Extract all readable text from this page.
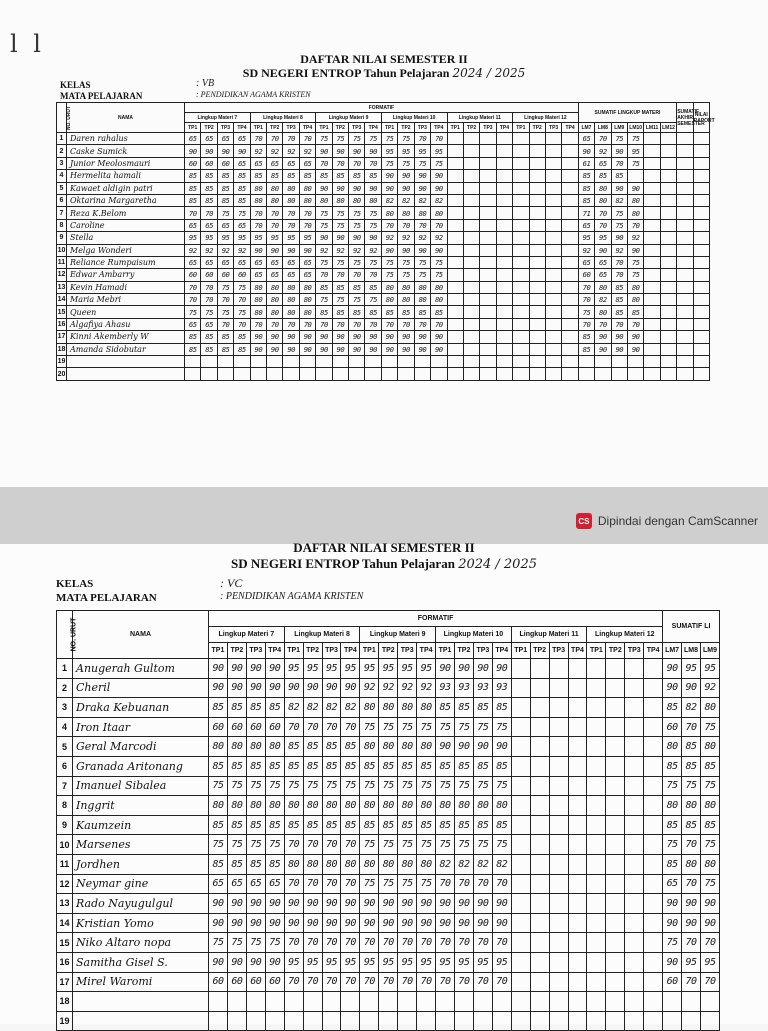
l l
DAFTAR NILAI SEMESTER II
SD NEGERI ENTROP Tahun Pelajaran 2024 / 2025
KELAS	: VB
MATA PELAJARAN	: PENDIDIKAN AGAMA KRISTEN
NO. URUT	NAMA	FORMATIF																								SUMATIF LINGKUP MATERI						SUMATIF AKHIR SEMESTER	NILAI RAPORT
		Lingkup Materi 7				Lingkup Materi 8				Lingkup Materi 9				Lingkup Materi 10				Lingkup Materi 11				Lingkup Materi 12											
		TP1	TP2	TP3	TP4	TP1	TP2	TP3	TP4	TP1	TP2	TP3	TP4	TP1	TP2	TP3	TP4	TP1	TP2	TP3	TP4	TP1	TP2	TP3	TP4	LM7	LM8	LM9	LM10	LM11	LM12		
1	Daren rahalus	65	65	65	65	70	70	70	70	75	75	75	75	75	75	70	70									65	70	75	75				
2	Caske Sumick	90	90	90	90	92	92	92	92	90	90	90	90	95	95	95	95									90	92	90	95				
3	Junior Meolosmauri	60	60	60	65	65	65	65	65	70	70	70	70	75	75	75	75									61	65	70	75				
4	Hermelita hamali	85	85	85	85	85	85	85	85	85	85	85	85	90	90	90	90									85	85	85					
5	Kawaet aldigin patri	85	85	85	85	80	80	80	80	90	90	90	90	90	90	90	90									85	80	90	90				
6	Oktarina Margaretha	85	85	85	85	80	80	80	80	80	80	80	80	82	82	82	82									85	80	82	80				
7	Reza K.Belom	70	70	75	75	70	70	70	70	75	75	75	75	80	80	80	80									71	70	75	80				
8	Caroline	65	65	65	65	70	70	70	70	75	75	75	75	70	70	70	70									65	70	75	70				
9	Stella	95	95	95	95	95	95	95	95	90	90	90	90	92	92	92	92									95	95	90	92				
10	Melga Wonderi	92	92	92	92	90	90	90	90	92	92	92	92	90	90	90	90									92	90	92	90				
11	Reliance Rumpaisum	65	65	65	65	65	65	65	65	75	75	75	75	75	75	75	75									65	65	70	75				
12	Edwar Ambarry	60	60	60	60	65	65	65	65	70	70	70	70	75	75	75	75									60	65	70	75				
13	Kevin Hamadi	70	70	75	75	80	80	80	80	85	85	85	85	80	80	80	80									70	80	85	80				
14	Maria Mebri	70	70	70	70	80	80	80	80	75	75	75	75	80	80	80	80									70	82	85	80				
15	Queen	75	75	75	75	80	80	80	80	85	85	85	85	85	85	85	85									75	80	85	85				
16	Algafiya Ahasu	65	65	70	70	70	70	70	70	70	70	70	70	70	70	70	70									70	70	70	70				
17	Kinni Akemberly W	85	85	85	85	90	90	90	90	90	90	90	90	90	90	90	90									85	90	90	90				
18	Amanda Sidobutar	85	85	85	85	90	90	90	90	90	90	90	90	90	90	90	90									85	90	90	90				
19																																	
20																																	
CS Dipindai dengan CamScanner
DAFTAR NILAI SEMESTER II
SD NEGERI ENTROP Tahun Pelajaran 2024 / 2025
KELAS	: VC
MATA PELAJARAN	: PENDIDIKAN AGAMA KRISTEN
NO. URUT	NAMA	FORMATIF																								SUMATIF LI		
		Lingkup Materi 7				Lingkup Materi 8				Lingkup Materi 9				Lingkup Materi 10				Lingkup Materi 11				Lingkup Materi 12						
		TP1	TP2	TP3	TP4	TP1	TP2	TP3	TP4	TP1	TP2	TP3	TP4	TP1	TP2	TP3	TP4	TP1	TP2	TP3	TP4	TP1	TP2	TP3	TP4	LM7	LM8	LM9
1	Anugerah Gultom	90	90	90	90	95	95	95	95	95	95	95	95	90	90	90	90									90	95	95
2	Cheril	90	90	90	90	90	90	90	90	92	92	92	92	93	93	93	93									90	90	92
3	Draka Kebuanan	85	85	85	85	82	82	82	82	80	80	80	80	85	85	85	85									85	82	80
4	Iron Itaar	60	60	60	60	70	70	70	70	75	75	75	75	75	75	75	75									60	70	75
5	Geral Marcodi	80	80	80	80	85	85	85	85	80	80	80	80	90	90	90	90									80	85	80
6	Granada Aritonang	85	85	85	85	85	85	85	85	85	85	85	85	85	85	85	85									85	85	85
7	Imanuel Sibalea	75	75	75	75	75	75	75	75	75	75	75	75	75	75	75	75									75	75	75
8	Inggrit	80	80	80	80	80	80	80	80	80	80	80	80	80	80	80	80									80	80	80
9	Kaumzein	85	85	85	85	85	85	85	85	85	85	85	85	85	85	85	85									85	85	85
10	Marsenes	75	75	75	75	70	70	70	70	75	75	75	75	75	75	75	75									75	70	75
11	Jordhen	85	85	85	85	80	80	80	80	80	80	80	80	82	82	82	82									85	80	80
12	Neymar gine	65	65	65	65	70	70	70	70	75	75	75	75	70	70	70	70									65	70	75
13	Rado Nayugulgul	90	90	90	90	90	90	90	90	90	90	90	90	90	90	90	90									90	90	90
14	Kristian Yomo	90	90	90	90	90	90	90	90	90	90	90	90	90	90	90	90									90	90	90
15	Niko Altaro nopa	75	75	75	75	70	70	70	70	70	70	70	70	70	70	70	70									75	70	70
16	Samitha Gisel S.	90	90	90	90	95	95	95	95	95	95	95	95	95	95	95	95									90	95	95
17	Mirel Waromi	60	60	60	60	70	70	70	70	70	70	70	70	70	70	70	70									60	70	70
18																												
19																												
